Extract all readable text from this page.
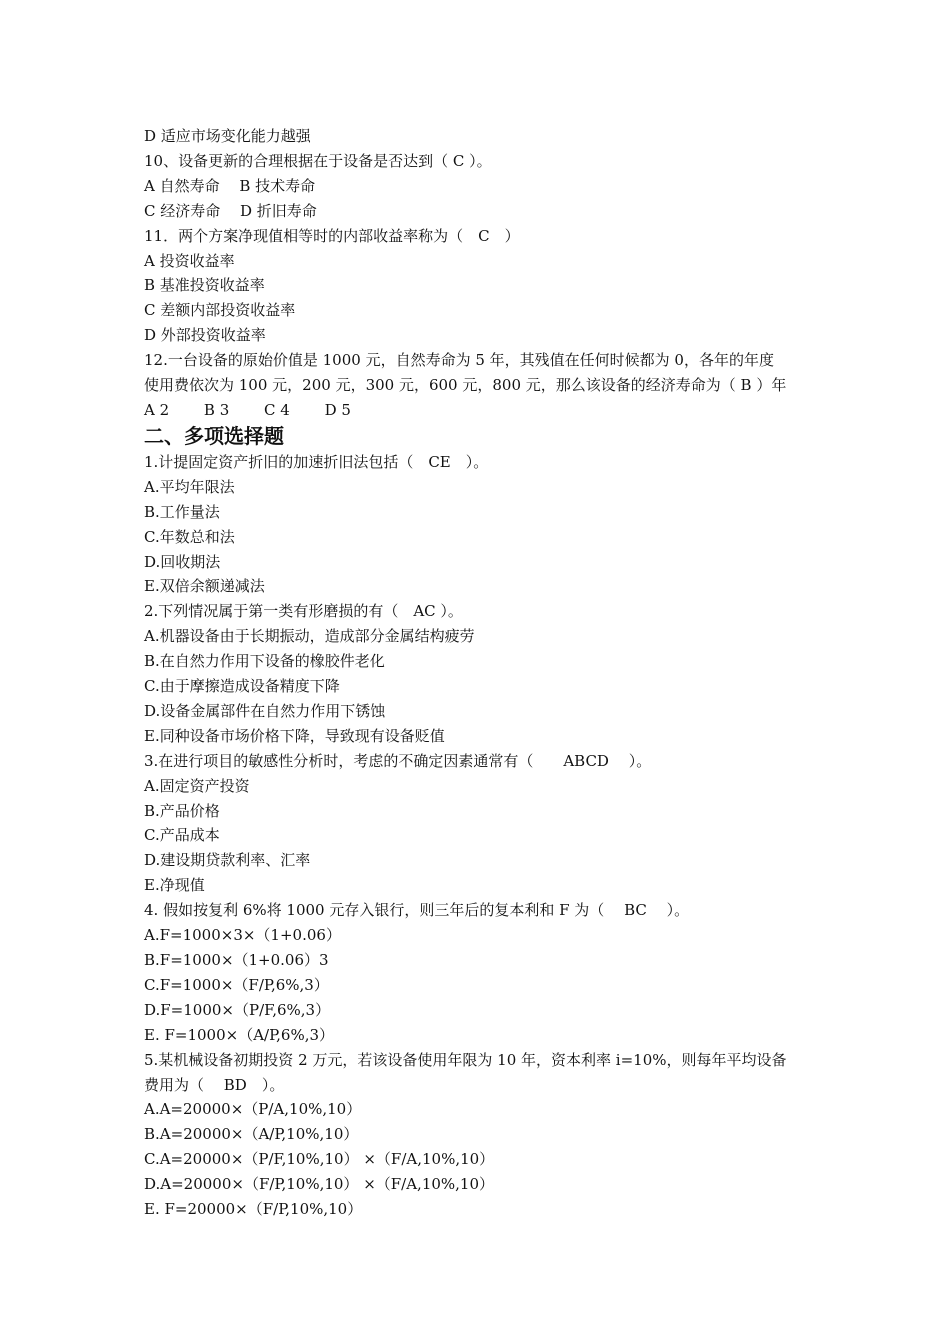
D 适应市场变化能力越强

10、设备更新的合理根据在于设备是否达到（ C ）。

A 自然寿命　 B 技术寿命

C 经济寿命　 D 折旧寿命

11．两个方案净现值相等时的内部收益率称为（　C　）

A 投资收益率

B 基准投资收益率

C 差额内部投资收益率

D 外部投资收益率

12.一台设备的原始价值是 1000 元，自然寿命为 5 年，其残值在任何时候都为 0，各年的年度

使用费依次为 100 元，200 元，300 元，600 元，800 元，那么该设备的经济寿命为（ B ）年

A 2　　 B 3　　 C 4　　 D 5

二、多项选择题

1.计提固定资产折旧的加速折旧法包括（　CE　）。

A.平均年限法

B.工作量法

C.年数总和法

D.回收期法

E.双倍余额递减法

2.下列情况属于第一类有形磨损的有（　AC ）。

A.机器设备由于长期振动，造成部分金属结构疲劳

B.在自然力作用下设备的橡胶件老化

C.由于摩擦造成设备精度下降

D.设备金属部件在自然力作用下锈蚀

E.同种设备市场价格下降，导致现有设备贬值

3.在进行项目的敏感性分析时，考虑的不确定因素通常有（　　ABCD　 ）。

A.固定资产投资

B.产品价格

C.产品成本

D.建设期贷款利率、汇率

E.净现值

4. 假如按复利 6%将 1000 元存入银行，则三年后的复本利和 F 为（　 BC　 ）。

A.F=1000×3×（1+0.06）

B.F=1000×（1+0.06）3

C.F=1000×（F/P,6%,3）

D.F=1000×（P/F,6%,3）

E. F=1000×（A/P,6%,3）

5.某机械设备初期投资 2 万元，若该设备使用年限为 10 年，资本利率 i=10%，则每年平均设备

费用为（　 BD　）。

A.A=20000×（P/A,10%,10）

B.A=20000×（A/P,10%,10）

C.A=20000×（P/F,10%,10） ×（F/A,10%,10）

D.A=20000×（F/P,10%,10） ×（F/A,10%,10）

E. F=20000×（F/P,10%,10）
